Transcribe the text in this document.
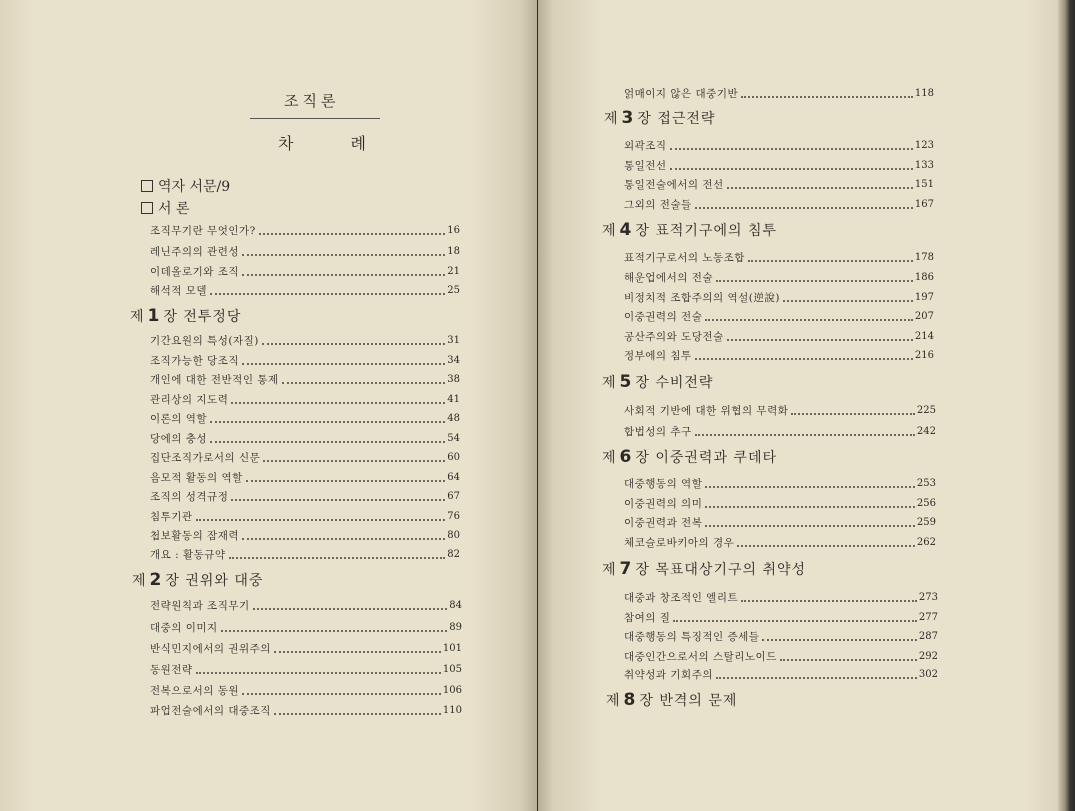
조직론
차 례
역자 서문/9
서 론
조직무기란 무엇인가?	16
레닌주의의 관련성	18
이데올로기와 조직	21
해석적 모델	25
제 1 장 전투정당
기간요원의 특성(자질)	31
조직가능한 당조직	34
개인에 대한 전반적인 통제	38
관리상의 지도력	41
이론의 역할	48
당에의 충성	54
집단조직가로서의 신문	60
음모적 활동의 역할	64
조직의 성격규정	67
침투기관	76
첩보활동의 잠재력	80
개요 : 활동규약	82
제 2 장 권위와 대중
전략원칙과 조직무기	84
대중의 이미지	89
반식민지에서의 권위주의	101
동원전략	105
전복으로서의 동원	106
파업전술에서의 대중조직	110
얽매이지 않은 대중기반	118
제 3 장 접근전략
외곽조직	123
통일전선	133
통일전술에서의 전선	151
그외의 전술들	167
제 4 장 표적기구에의 침투
표적기구로서의 노동조합	178
해운업에서의 전술	186
비정치적 조합주의의 역설(逆說)	197
이중권력의 전술	207
공산주의와 도당전술	214
정부에의 침투	216
제 5 장 수비전략
사회적 기반에 대한 위협의 무력화	225
합법성의 추구	242
제 6 장 이중권력과 쿠데타
대중행동의 역할	253
이중권력의 의미	256
이중권력과 전복	259
체코슬로바키아의 경우	262
제 7 장 목표대상기구의 취약성
대중과 창조적인 엘리트	273
참여의 질	277
대중행동의 특징적인 증세들	287
대중인간으로서의 스탈리노이드	292
취약성과 기회주의	302
제 8 장 반격의 문제
